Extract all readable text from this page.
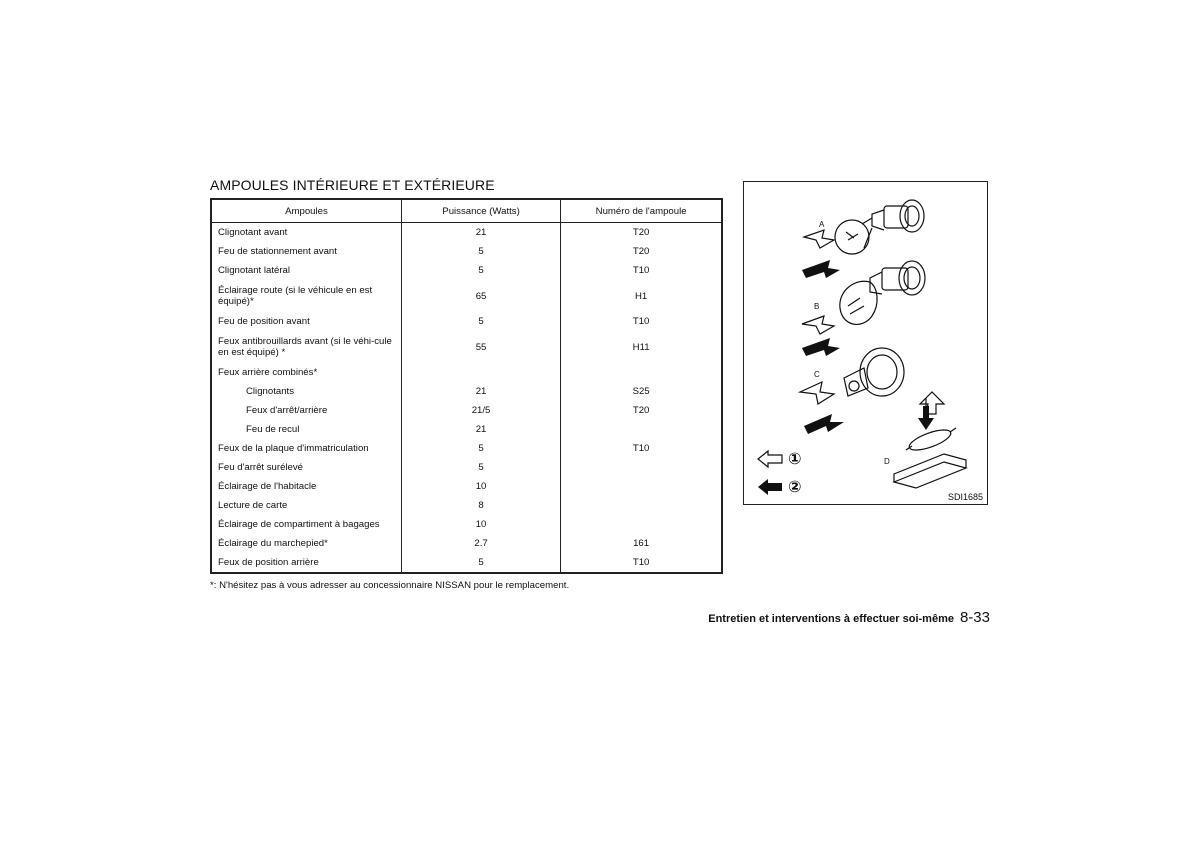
AMPOULES INTÉRIEURE ET EXTÉRIEURE
Ampoules	Puissance (Watts)	Numéro de l'ampoule
Clignotant avant	21	T20
Feu de stationnement avant	5	T20
Clignotant latéral	5	T10
Éclairage route (si le véhicule en est équipé)*	65	H1
Feu de position avant	5	T10
Feux antibrouillards avant (si le véhi-cule en est équipé) *	55	H11
Feux arrière combinés*		
Clignotants	21	S25
Feux d'arrêt/arrière	21/5	T20
Feu de recul	21	
Feux de la plaque d'immatriculation	5	T10
Feu d'arrêt surélevé	5	
Éclairage de l'habitacle	10	
Lecture de carte	8	
Éclairage de compartiment à bagages	10	
Éclairage du marchepied*	2.7	161
Feux de position arrière	5	T10
*: N'hésitez pas à vous adresser au concessionnaire NISSAN pour le remplacement.
A
B
C
D
①
②
SDI1685
Entretien et interventions à effectuer soi-même 8-33
